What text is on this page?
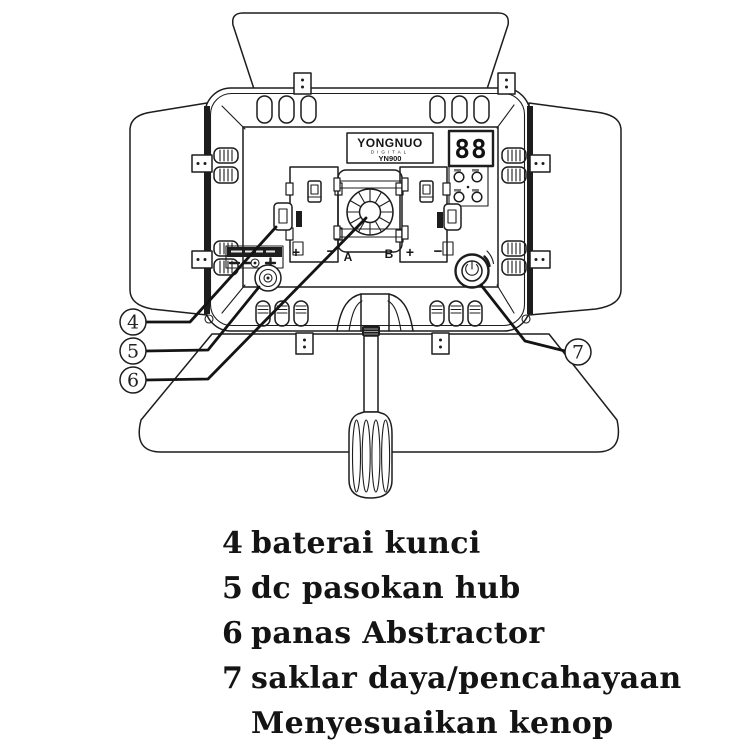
YONGNUO
DIGITAL
YN900 88
+ − A	B + −
4
5
6
7
4 baterai kunci
5 dc pasokan hub
6 panas Abstractor
7 saklar daya/pencahayaan
Menyesuaikan kenop
